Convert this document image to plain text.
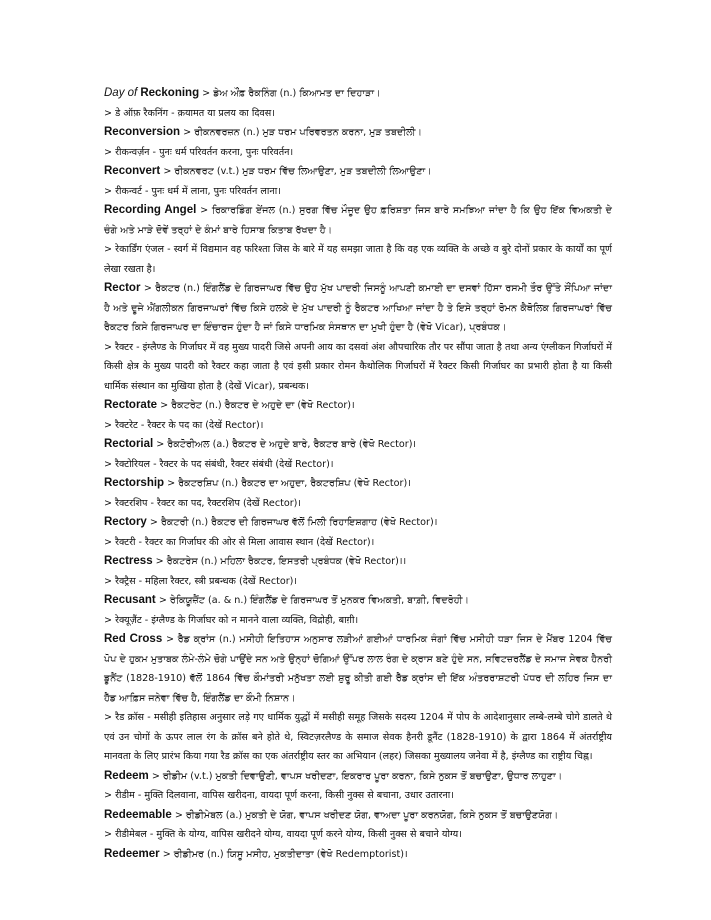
Day of Reckoning > ਡੇਅ ਔਂਫ਼ ਰੈਕਨਿੰਗ (n.) ਕਿਆਮਤ ਦਾ ਦਿਹਾੜਾ।
> डे ऑफ़ रैकनिंग - क़यामत या प्रलय का दिवस।
Reconversion > ਰੀਕਨਵਰਜ਼ਨ (n.) ਮੁੜ ਧਰਮ ਪਰਿਵਰਤਨ ਕਰਨਾ, ਮੁੜ ਤਬਦੀਲੀ।
> रीकन्वर्ज़न - पुनः धर्म परिवर्तन करना, पुनः परिवर्तन।
Reconvert > ਰੀਕਨਵਰਟ (v.t.) ਮੁੜ ਧਰਮ ਵਿੱਚ ਲਿਆਉਣਾ, ਮੁੜ ਤਬਦੀਲੀ ਲਿਆਉਣਾ।
> रीकन्वर्ट - पुनः धर्म में लाना, पुनः परिवर्तन लाना।
Recording Angel > ਰਿਕਾਰਡਿੰਗ ਏਂਜਲ (n.) ਸੁਰਗ ਵਿੱਚ ਮੌਜੂਦ ਉਹ ਫ਼ਰਿਸ਼ਤਾ ਜਿਸ ਬਾਰੇ ਸਮਝਿਆ ਜਾਂਦਾ ਹੈ ਕਿ ਉਹ ਇੱਕ ਵਿਅਕਤੀ ਦੇ ਚੰਗੇ ਅਤੇ ਮਾੜੇ ਦੋਵੇਂ ਤਰ੍ਹਾਂ ਦੇ ਕੰਮਾਂ ਬਾਰੇ ਹਿਸਾਬ ਕਿਤਾਬ ਰੱਖਦਾ ਹੈ।
> रेकार्डिंग एंजल - स्वर्ग में विद्यमान वह फरिश्ता जिस के बारे में यह समझा जाता है कि वह एक व्यक्ति के अच्छे व बुरे दोनों प्रकार के कार्यों का पूर्ण लेखा रखता है।
Rector > ਰੈਕਟਰ (n.) ਇੰਗਲੈਂਡ ਦੇ ਗਿਰਜਾਘਰ ਵਿੱਚ ਉਹ ਮੁੱਖ ਪਾਦਰੀ ਜਿਸਨੂੰ ਆਪਣੀ ਕਮਾਈ ਦਾ ਦਸਵਾਂ ਹਿੱਸਾ ਰਸਮੀ ਤੌਰ ਉੱਤੇ ਸੌਂਪਿਆ ਜਾਂਦਾ ਹੈ ਅਤੇ ਦੂਜੇ ਐਂਗਲੀਕਨ ਗਿਰਜਾਘਰਾਂ ਵਿੱਚ ਕਿਸੇ ਹਲਕੇ ਦੇ ਮੁੱਖ ਪਾਦਰੀ ਨੂੰ ਰੈਕਟਰ ਆਖਿਆ ਜਾਂਦਾ ਹੈ ਤੇ ਇਸੇ ਤਰ੍ਹਾਂ ਰੋਮਨ ਕੈਥੋਲਿਕ ਗਿਰਜਾਘਰਾਂ ਵਿੱਚ ਰੈਕਟਰ ਕਿਸੇ ਗਿਰਜਾਘਰ ਦਾ ਇੰਚਾਰਜ ਹੁੰਦਾ ਹੈ ਜਾਂ ਕਿਸੇ ਧਾਰਮਿਕ ਸੰਸਥਾਨ ਦਾ ਮੁਖੀ ਹੁੰਦਾ ਹੈ (ਵੇਖੋ Vicar), ਪ੍ਰਬੰਧਕ।
> रैक्टर - इंग्लैण्ड के गिर्जाघर में वह मुख्य पादरी जिसे अपनी आय का दसवां अंश औपचारिक तौर पर सौंपा जाता है तथा अन्य एंग्लीकन गिर्जाघरों में किसी क्षेत्र के मुख्य पादरी को रैक्टर कहा जाता है एवं इसी प्रकार रोमन कैथोलिक गिर्जाघरों में रैक्टर किसी गिर्जाघर का प्रभारी होता है या किसी धार्मिक संस्थान का मुखिया होता है (देखें Vicar), प्रबन्धक।
Rectorate > ਰੈਕਟਰੇਟ (n.) ਰੈਕਟਰ ਦੇ ਅਹੁਦੇ ਦਾ (ਵੇਖੋ Rector)।
> रैक्टरेट - रैक्टर के पद का (देखें Rector)।
Rectorial > ਰੈਕਟੋਰੀਅਲ (a.) ਰੈਕਟਰ ਦੇ ਅਹੁਦੇ ਬਾਰੇ, ਰੈਕਟਰ ਬਾਰੇ (ਵੇਖੋ Rector)।
> रैक्टोरियल - रैक्टर के पद संबंधी, रैक्टर संबंधी (देखें Rector)।
Rectorship > ਰੈਕਟਰਸ਼ਿਪ (n.) ਰੈਕਟਰ ਦਾ ਅਹੁਦਾ, ਰੈਕਟਰਸ਼ਿਪ (ਵੇਖੋ Rector)।
> रैक्टरशिप - रैक्टर का पद, रैक्टरशिप (देखें Rector)।
Rectory > ਰੈਕਟਰੀ (n.) ਰੈਕਟਰ ਦੀ ਗਿਰਜਾਘਰ ਵੱਲੋਂ ਮਿਲੀ ਰਿਹਾਇਸ਼ਗਾਹ (ਵੇਖੋ Rector)।
> रैक्टरी - रैक्टर का गिर्जाघर की ओर से मिला आवास स्थान (देखें Rector)।
Rectress > ਰੈਕਟਰੇਸ (n.) ਮਹਿਲਾ ਰੈਕਟਰ, ਇਸਤਰੀ ਪ੍ਰਬੰਧਕ (ਵੇਖੋ Rector)।।
> रैक्ट्रैस - महिला रैक्टर, स्त्री प्रबन्धक (देखें Rector)।
Recusant > ਰੇਕਿਯੂਜ਼ੈਂਟ (a. & n.) ਇੰਗਲੈਂਡ ਦੇ ਗਿਰਜਾਘਰ ਤੋਂ ਮੁਨਕਰ ਵਿਅਕਤੀ, ਬਾਗ਼ੀ, ਵਿਦਰੋਹੀ।
> रेक्यूज़ैंट - इंग्लैण्ड के गिर्जाघर को न मानने वाला व्यक्ति, विद्रोही, बाग़ी।
Red Cross > ਰੈੱਡ ਕ੍ਰਾਂਸ (n.) ਮਸੀਹੀ ਇਤਿਹਾਸ ਅਨੁਸਾਰ ਲੜੀਆਂ ਗਈਆਂ ਧਾਰਮਿਕ ਜੰਗਾਂ ਵਿੱਚ ਮਸੀਹੀ ਧੜਾ ਜਿਸ ਦੇ ਮੈਂਬਰ 1204 ਵਿੱਚ ਪੋਪ ਦੇ ਹੁਕਮ ਮੁਤਾਬਕ ਲੰਮੇ-ਲੰਮੇ ਚੋਗੇ ਪਾਉਂਦੇ ਸਨ ਅਤੇ ਉਨ੍ਹਾਂ ਚੋਗਿਆਂ ਉੱਪਰ ਲਾਲ ਰੰਗ ਦੇ ਕ੍ਰਾਸ ਬਣੇ ਹੁੰਦੇ ਸਨ, ਸਵਿਟਜ਼ਰਲੈਂਡ ਦੇ ਸਮਾਜ ਸੇਵਕ ਹੈਨਰੀ ਡੂਨੈਂਟ (1828-1910) ਵੱਲੋਂ 1864 ਵਿੱਚ ਕੌਮਾਂਤਰੀ ਮਨੁੱਖਤਾ ਲਈ ਸ਼ੁਰੂ ਕੀਤੀ ਗਈ ਰੈੱਡ ਕ੍ਰਾਂਸ ਦੀ ਇੱਕ ਅੰਤਰਰਾਸ਼ਟਰੀ ਪੱਧਰ ਦੀ ਲਹਿਰ ਜਿਸ ਦਾ ਹੈੱਡ ਆਫ਼ਿਸ ਜਨੇਵਾ ਵਿੱਚ ਹੈ, ਇੰਗਲੈਂਡ ਦਾ ਕੌਮੀ ਨਿਸ਼ਾਨ।
> रैड क्रॉस - मसीही इतिहास अनुसार लड़े गए धार्मिक युद्धों में मसीही समूह जिसके सदस्य 1204 में पोप के आदेशानुसार लम्बे-लम्बे चोगे डालते थे एवं उन चोगों के ऊपर लाल रंग के क्रॉस बने होते थे, स्विटज़रलैण्ड के समाज सेवक हैनरी डूनैंट (1828-1910) के द्वारा 1864 में अंतर्राष्ट्रीय मानवता के लिए प्रारंभ किया गया रैड क्रॉस का एक अंतर्राष्ट्रीय स्तर का अभियान (लहर) जिसका मुख्यालय जनेवा में है, इंग्लैण्ड का राष्ट्रीय चिह्न।
Redeem > ਰੀਡੀਮ (v.t.) ਮੁਕਤੀ ਦਿਵਾਉਣੀ, ਵਾਪਸ ਖਰੀਦਣਾ, ਇਕਰਾਰ ਪੂਰਾ ਕਰਨਾ, ਕਿਸੇ ਨੁਕਸ ਤੋਂ ਬਚਾਉਣਾ, ਉਧਾਰ ਲਾਹੁਣਾ।
> रीडीम - मुक्ति दिलवाना, वापिस खरीदना, वायदा पूर्ण करना, किसी नुक्स से बचाना, उधार उतारना।
Redeemable > ਰੀਡੀਮੇਬਲ (a.) ਮੁਕਤੀ ਦੇ ਯੋਗ, ਵਾਪਸ ਖਰੀਦਣ ਯੋਗ, ਵਾਅਦਾ ਪੂਰਾ ਕਰਨਯੋਗ, ਕਿਸੇ ਨੁਕਸ ਤੋਂ ਬਚਾਉਣਯੋਗ।
> रीडीमेबल - मुक्ति के योग्य, वापिस खरीदने योग्य, वायदा पूर्ण करने योग्य, किसी नुक्स से बचाने योग्य।
Redeemer > ਰੀਡੀਮਰ (n.) ਯਿਸੂ ਮਸੀਹ, ਮੁਕਤੀਦਾਤਾ (ਵੇਖੋ Redemptorist)।
